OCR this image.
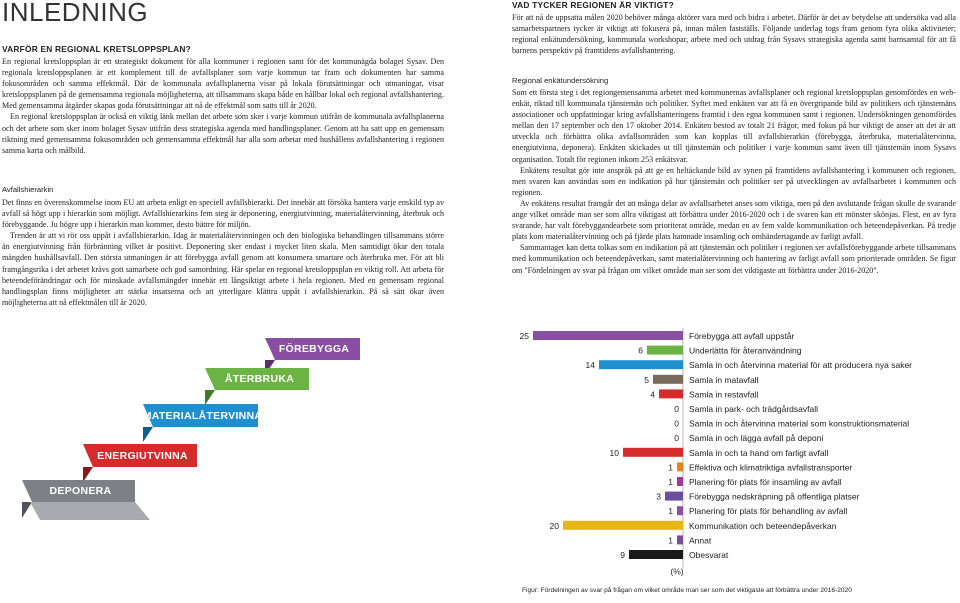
INLEDNING
VARFÖR EN REGIONAL KRETSLOPPSPLAN?

En regional kretsloppsplan är ett strategiskt dokument för alla kommuner i regionen samt för det kommunägda bolaget Sysav. Den regionala kretsloppsplanen är ett komplement till de avfallsplaner som varje kommun tar fram och dokumenten har samma fokusområden och samma effektmål. Där de kommunala avfallsplanerna visar på lokala förutsättningar och utmaningar, visar kretsloppsplanen på de gemensamma regionala möjligheterna, att tillsammans skapa både en hållbar lokal och regional avfallshantering. Med gemensamma åtgärder skapas goda förutsättningar att nå de effektmål som satts till år 2020.

En regional kretsloppsplan är också en viktig länk mellan det arbete som sker i varje kommun utifrån de kommunala avfallsplanerna och det arbete som sker inom bolaget Sysav utifrån dess strategiska agenda med handlingsplaner. Genom att ha satt upp en gemensam riktning med gemensamma fokusområden och gemensamma effektmål har alla som arbetar med hushållens avfallshantering i regionen samma karta och målbild.

Avfallshierarkin

Det finns en överenskommelse inom EU att arbeta enligt en speciell avfallshierarki. Det innebär att försöka hantera varje enskild typ av avfall så högt upp i hierarkin som möjligt. Avfallshierarkins fem steg är deponering, energiutvinning, materialåtervinning, återbruk och förebyggande. Ju högre upp i hierarkin man kommer, desto bättre för miljön.

Trenden är att vi rör oss uppåt i avfallshierarkin. Idag är materialåtervinningen och den biologiska behandlingen tillsammans större än energiutvinning från förbränning vilket är positivt. Deponering sker endast i mycket liten skala. Men samtidigt ökar den totala mängden hushållsavfall. Den största utmaningen är att förebygga avfall genom att konsumera smartare och återbruka mer. För att bli framgångsrika i det arbetet krävs gott samarbete och god samordning. Här spelar en regional kretsloppsplan en viktig roll. Att arbeta för beteendeförändringar och för minskade avfallsmängder innebär ett långsiktigt arbete i hela regionen. Med en gemensam regional handlingsplan finns möjligheter att stärka insatserna och att ytterligare klättra uppåt i avfallshierarkin. På så sätt ökar även möjligheterna att nå effektmålen till år 2020.

FÖREBYGGA
ÅTERBRUKA
MATERIALÅTERVINNA
ENERGIUTVINNA
DEPONERA
VAD TYCKER REGIONEN ÄR VIKTIGT?

För att nå de uppsatta målen 2020 behöver många aktörer vara med och bidra i arbetet. Därför är det av betydelse att undersöka vad alla samarbetspartners tycker är viktigt att fokusera på, innan målen fastställs. Följande underlag togs fram genom fyra olika aktiviteter; regional enkätundersökning, kommunala workshopar, arbete med och utdrag från Sysavs strategiska agenda samt barnsamtal för att få barnens perspektiv på framtidens avfallshantering.

Regional enkätundersökning

Som ett första steg i det regiongemensamma arbetet med kommunernas avfallsplaner och regional kretsloppsplan genomfördes en web-enkät, riktad till kommunala tjänstemän och politiker. Syftet med enkäten var att få en övergripande bild av politikers och tjänstemäns associationer och uppfattningar kring avfallshanteringens framtid i den egna kommunen samt i regionen. Undersökningen genomfördes mellan den 17 september och den 17 oktober 2014. Enkäten bestod av totalt 21 frågor, med fokus på hur viktigt de anser att det är att utveckla och förbättra olika avfallsområden som kan kopplas till avfallshierarkin (förebygga, återbruka, materialåtervinna, energiutvinna, deponera). Enkäten skickades ut till tjänstemän och politiker i varje kommun samt även till tjänstemän inom Sysavs organisation. Totalt för regionen inkom 253 enkätsvar.

Enkätens resultat gör inte anspråk på att ge en heltäckande bild av synen på framtidens avfallshantering i kommunen och regionen, men svaren kan användas som en indikation på hur tjänstemän och politiker ser på utvecklingen av avfallsarbetet i kommunen och regionen.

Av enkätens resultat framgår det att många delar av avfallsarbetet anses som viktiga, men på den avslutande frågan skulle de svarande ange vilket område man ser som allra viktigast att förbättra under 2016-2020 och i de svaren kan ett mönster skönjas. Flest, en av fyra svarande, har valt förebyggandearbete som prioriterat område, medan en av fem valde kommunikation och beteendepåverkan. På tredje plats kom materialåtervinning och på fjärde plats hamnade insamling och omhändertagande av farligt avfall.

Sammantaget kan detta tolkas som en indikation på att tjänstemän och politiker i regionen ser avfallsförebyggande arbete tillsammans med kommunikation och beteendepåverkan, samt materialåtervinning och hantering av farligt avfall som prioriterade områden. Se figur om "Fördelningen av svar på frågan om vilket område man ser som det viktigaste att förbättra under 2016-2020".

25	Förebygga att avfall uppstår
6	Underlätta för återanvändning
14	Samla in och återvinna material för att producera nya saker
5	Samla in matavfall
4	Samla in restavfall
0 Samla in park- och trädgårdsavfall
0 Samla in och återvinna material som konstruktionsmaterial
0 Samla in och lägga avfall på deponi
10	Samla in och ta hand om farligt avfall
1 Effektiva och klimatriktiga avfallstransporter
1 Planering för plats för insamling av avfall
3	Förebygga nedskräpning på offentliga platser
1 Planering för plats för behandling av avfall
20	Kommunikation och beteendepåverkan
1 Annat
9	Obesvarat
(%)
Figur: Fördelningen av svar på frågan om vilket område man ser som det viktigaste att förbättra under 2016-2020
